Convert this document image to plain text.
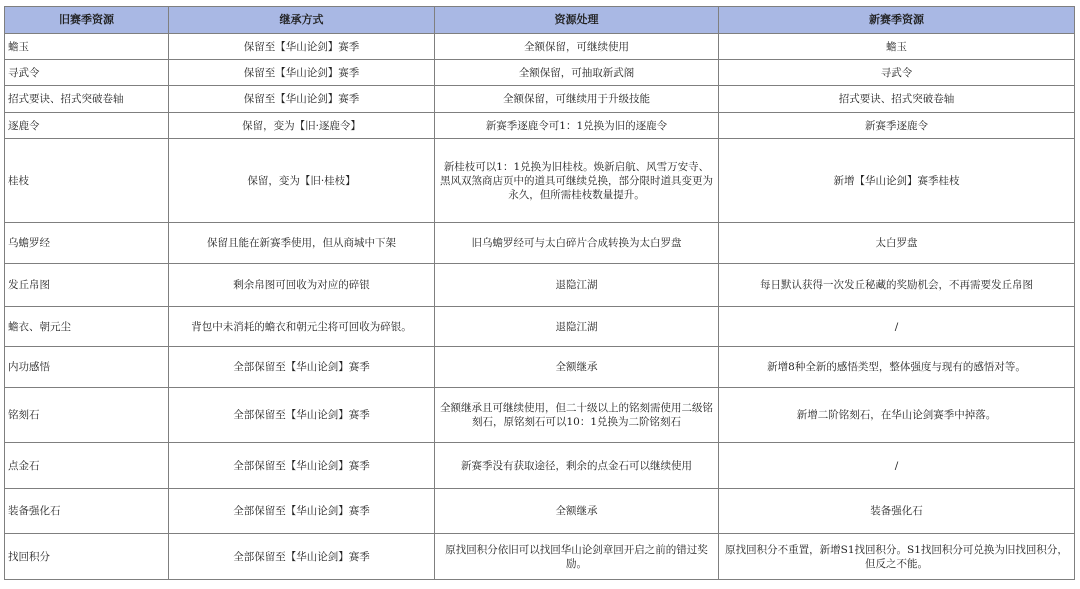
旧赛季资源	继承方式	资源处理	新赛季资源
蟾玉	保留至【华山论剑】赛季	全额保留，可继续使用	蟾玉
寻武令	保留至【华山论剑】赛季	全额保留，可抽取新武阁	寻武令
招式要诀、招式突破卷轴	保留至【华山论剑】赛季	全额保留，可继续用于升级技能	招式要诀、招式突破卷轴
逐鹿令	保留，变为【旧·逐鹿令】	新赛季逐鹿令可1：1兑换为旧的逐鹿令	新赛季逐鹿令
桂枝	保留，变为【旧·桂枝】	新桂枝可以1：1兑换为旧桂枝。焕新启航、风雪万安寺、黑风双煞商店页中的道具可继续兑换，部分限时道具变更为永久，但所需桂枝数量提升。	新增【华山论剑】赛季桂枝
乌蟾罗经	保留且能在新赛季使用，但从商城中下架	旧乌蟾罗经可与太白碎片合成转换为太白罗盘	太白罗盘
发丘帛图	剩余帛图可回收为对应的碎银	退隐江湖	每日默认获得一次发丘秘藏的奖励机会，不再需要发丘帛图
蟾衣、朝元尘	背包中未消耗的蟾衣和朝元尘将可回收为碎银。	退隐江湖	/
内功感悟	全部保留至【华山论剑】赛季	全额继承	新增8种全新的感悟类型，整体强度与现有的感悟对等。
铭刻石	全部保留至【华山论剑】赛季	全额继承且可继续使用，但二十级以上的铭刻需使用二级铭刻石，原铭刻石可以10：1兑换为二阶铭刻石	新增二阶铭刻石，在华山论剑赛季中掉落。
点金石	全部保留至【华山论剑】赛季	新赛季没有获取途径，剩余的点金石可以继续使用	/
装备强化石	全部保留至【华山论剑】赛季	全额继承	装备强化石
找回积分	全部保留至【华山论剑】赛季	原找回积分依旧可以找回华山论剑章回开启之前的错过奖励。	原找回积分不重置，新增S1找回积分。S1找回积分可兑换为旧找回积分，但反之不能。
